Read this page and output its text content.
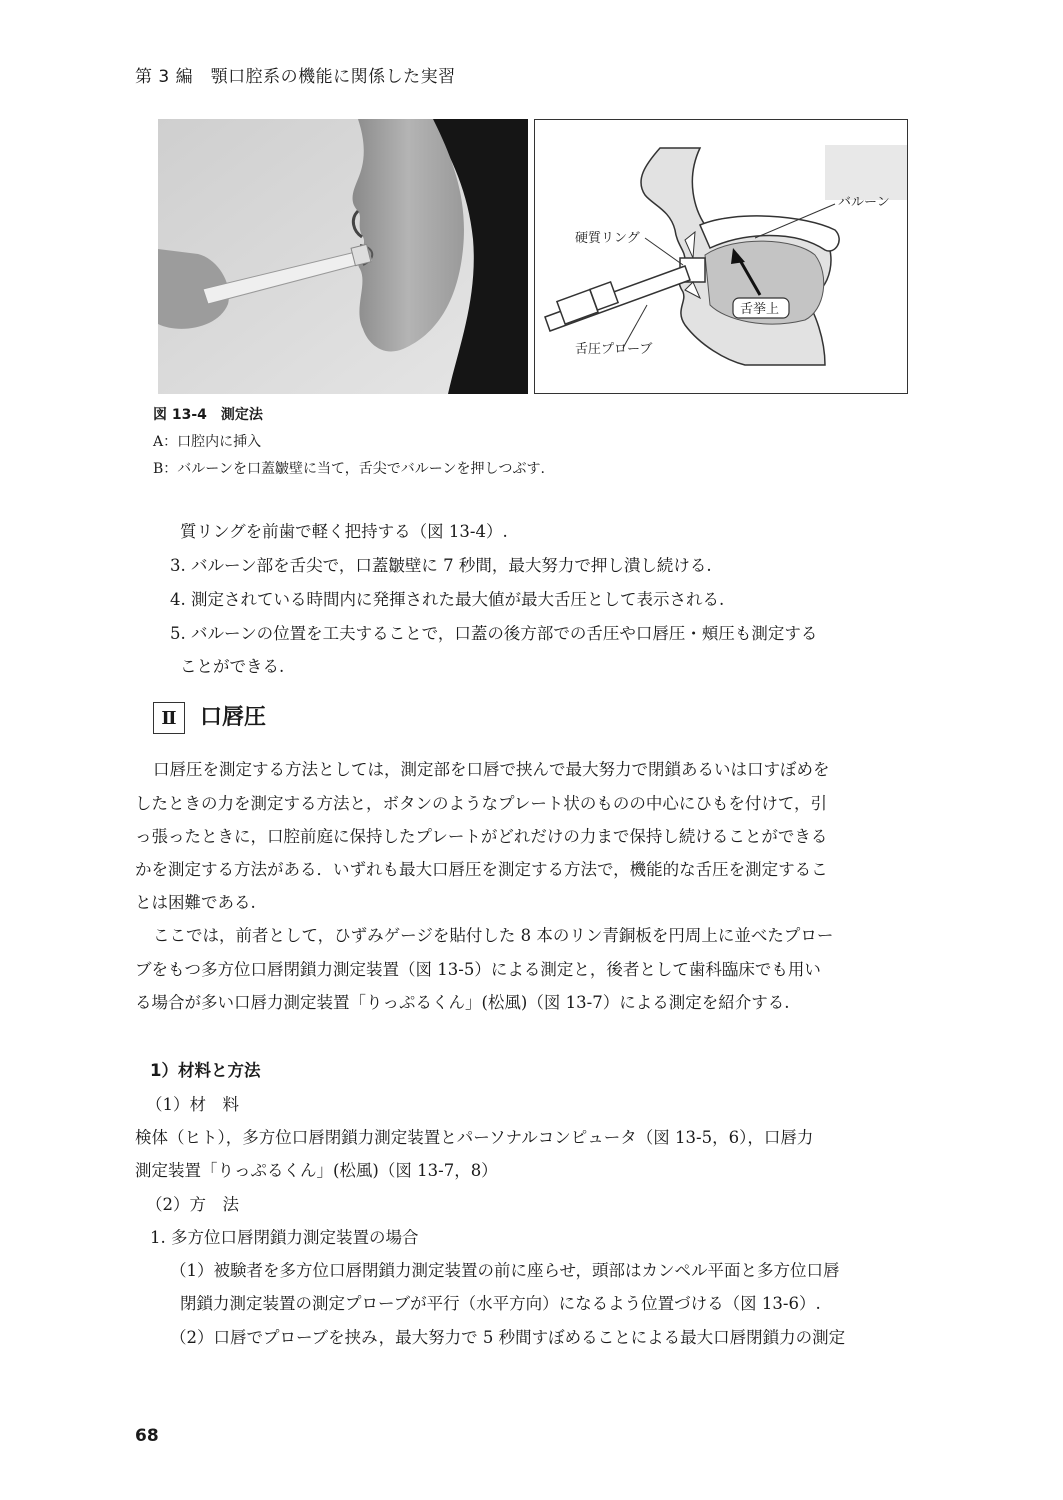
第 3 編　顎口腔系の機能に関係した実習
バルーン
硬質リング
舌挙上
舌圧プローブ
図 13-4　測定法
A：口腔内に挿入
B：バルーンを口蓋皺壁に当て，舌尖でバルーンを押しつぶす.
質リングを前歯で軽く把持する（図 13-4）.
3. バルーン部を舌尖で，口蓋皺壁に 7 秒間，最大努力で押し潰し続ける.
4. 測定されている時間内に発揮された最大値が最大舌圧として表示される.
5. バルーンの位置を工夫することで，口蓋の後方部での舌圧や口唇圧・頰圧も測定する
ことができる.
Ⅱ 口唇圧
口唇圧を測定する方法としては，測定部を口唇で挟んで最大努力で閉鎖あるいは口すぼめを
したときの力を測定する方法と，ボタンのようなプレート状のものの中心にひもを付けて，引
っ張ったときに，口腔前庭に保持したプレートがどれだけの力まで保持し続けることができる
かを測定する方法がある．いずれも最大口唇圧を測定する方法で，機能的な舌圧を測定するこ
とは困難である.
ここでは，前者として，ひずみゲージを貼付した 8 本のリン青銅板を円周上に並べたプロー
ブをもつ多方位口唇閉鎖力測定装置（図 13-5）による測定と，後者として歯科臨床でも用い
る場合が多い口唇力測定装置「りっぷるくん」(松風)（図 13-7）による測定を紹介する.
1）材料と方法
（1）材　料
検体（ヒト），多方位口唇閉鎖力測定装置とパーソナルコンピュータ（図 13-5，6），口唇力
測定装置「りっぷるくん」(松風)（図 13-7，8）
（2）方　法
1. 多方位口唇閉鎖力測定装置の場合
（1）被験者を多方位口唇閉鎖力測定装置の前に座らせ，頭部はカンペル平面と多方位口唇
閉鎖力測定装置の測定プローブが平行（水平方向）になるよう位置づける（図 13-6）.
（2）口唇でプローブを挟み，最大努力で 5 秒間すぼめることによる最大口唇閉鎖力の測定
68
